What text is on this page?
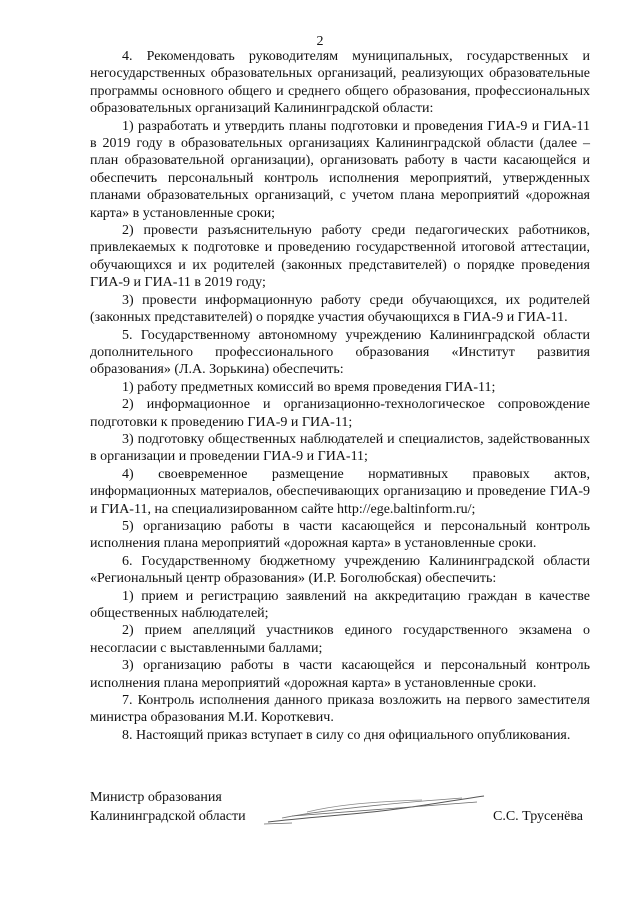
2

4. Рекомендовать руководителям муниципальных, государственных и негосударственных образовательных организаций, реализующих образовательные программы основного общего и среднего общего образования, профессиональных образовательных организаций Калининградской области:

1) разработать и утвердить планы подготовки и проведения ГИА-9 и ГИА-11 в 2019 году в образовательных организациях Калининградской области (далее – план образовательной организации), организовать работу в части касающейся и обеспечить персональный контроль исполнения мероприятий, утвержденных планами образовательных организаций, с учетом плана мероприятий «дорожная карта» в установленные сроки;

2) провести разъяснительную работу среди педагогических работников, привлекаемых к подготовке и проведению государственной итоговой аттестации, обучающихся и их родителей (законных представителей) о порядке проведения ГИА-9 и ГИА-11 в 2019 году;

3) провести информационную работу среди обучающихся, их родителей (законных представителей) о порядке участия обучающихся в ГИА-9 и ГИА-11.

5. Государственному автономному учреждению Калининградской области дополнительного профессионального образования «Институт развития образования» (Л.А. Зорькина) обеспечить:

1) работу предметных комиссий во время проведения ГИА-11;

2) информационное и организационно-технологическое сопровождение подготовки к проведению ГИА-9 и ГИА-11;

3) подготовку общественных наблюдателей и специалистов, задействованных в организации и проведении ГИА-9 и ГИА-11;

4) своевременное размещение нормативных правовых актов, информационных материалов, обеспечивающих организацию и проведение ГИА-9 и ГИА-11, на специализированном сайте http://ege.baltinform.ru/;

5) организацию работы в части касающейся и персональный контроль исполнения плана мероприятий «дорожная карта» в установленные сроки.

6. Государственному бюджетному учреждению Калининградской области «Региональный центр образования» (И.Р. Боголюбская) обеспечить:

1) прием и регистрацию заявлений на аккредитацию граждан в качестве общественных наблюдателей;

2) прием апелляций участников единого государственного экзамена о несогласии с выставленными баллами;

3) организацию работы в части касающейся и персональный контроль исполнения плана мероприятий «дорожная карта» в установленные сроки.

7. Контроль исполнения данного приказа возложить на первого заместителя министра образования М.И. Короткевич.

8. Настоящий приказ вступает в силу со дня официального опубликования.

Министр образования
Калининградской области	С.С. Трусенёва
